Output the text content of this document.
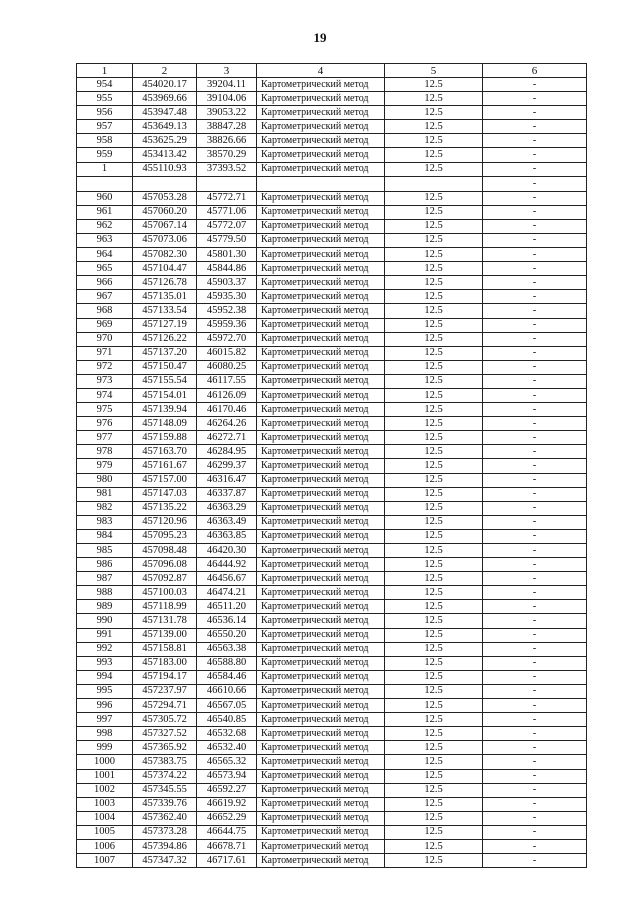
19
1	2	3	4	5	6
954	454020.17	39204.11	Картометрический метод	12.5	-
955	453969.66	39104.06	Картометрический метод	12.5	-
956	453947.48	39053.22	Картометрический метод	12.5	-
957	453649.13	38847.28	Картометрический метод	12.5	-
958	453625.29	38826.66	Картометрический метод	12.5	-
959	453413.42	38570.29	Картометрический метод	12.5	-
1	455110.93	37393.52	Картометрический метод	12.5	-
					-
960	457053.28	45772.71	Картометрический метод	12.5	-
961	457060.20	45771.06	Картометрический метод	12.5	-
962	457067.14	45772.07	Картометрический метод	12.5	-
963	457073.06	45779.50	Картометрический метод	12.5	-
964	457082.30	45801.30	Картометрический метод	12.5	-
965	457104.47	45844.86	Картометрический метод	12.5	-
966	457126.78	45903.37	Картометрический метод	12.5	-
967	457135.01	45935.30	Картометрический метод	12.5	-
968	457133.54	45952.38	Картометрический метод	12.5	-
969	457127.19	45959.36	Картометрический метод	12.5	-
970	457126.22	45972.70	Картометрический метод	12.5	-
971	457137.20	46015.82	Картометрический метод	12.5	-
972	457150.47	46080.25	Картометрический метод	12.5	-
973	457155.54	46117.55	Картометрический метод	12.5	-
974	457154.01	46126.09	Картометрический метод	12.5	-
975	457139.94	46170.46	Картометрический метод	12.5	-
976	457148.09	46264.26	Картометрический метод	12.5	-
977	457159.88	46272.71	Картометрический метод	12.5	-
978	457163.70	46284.95	Картометрический метод	12.5	-
979	457161.67	46299.37	Картометрический метод	12.5	-
980	457157.00	46316.47	Картометрический метод	12.5	-
981	457147.03	46337.87	Картометрический метод	12.5	-
982	457135.22	46363.29	Картометрический метод	12.5	-
983	457120.96	46363.49	Картометрический метод	12.5	-
984	457095.23	46363.85	Картометрический метод	12.5	-
985	457098.48	46420.30	Картометрический метод	12.5	-
986	457096.08	46444.92	Картометрический метод	12.5	-
987	457092.87	46456.67	Картометрический метод	12.5	-
988	457100.03	46474.21	Картометрический метод	12.5	-
989	457118.99	46511.20	Картометрический метод	12.5	-
990	457131.78	46536.14	Картометрический метод	12.5	-
991	457139.00	46550.20	Картометрический метод	12.5	-
992	457158.81	46563.38	Картометрический метод	12.5	-
993	457183.00	46588.80	Картометрический метод	12.5	-
994	457194.17	46584.46	Картометрический метод	12.5	-
995	457237.97	46610.66	Картометрический метод	12.5	-
996	457294.71	46567.05	Картометрический метод	12.5	-
997	457305.72	46540.85	Картометрический метод	12.5	-
998	457327.52	46532.68	Картометрический метод	12.5	-
999	457365.92	46532.40	Картометрический метод	12.5	-
1000	457383.75	46565.32	Картометрический метод	12.5	-
1001	457374.22	46573.94	Картометрический метод	12.5	-
1002	457345.55	46592.27	Картометрический метод	12.5	-
1003	457339.76	46619.92	Картометрический метод	12.5	-
1004	457362.40	46652.29	Картометрический метод	12.5	-
1005	457373.28	46644.75	Картометрический метод	12.5	-
1006	457394.86	46678.71	Картометрический метод	12.5	-
1007	457347.32	46717.61	Картометрический метод	12.5	-
